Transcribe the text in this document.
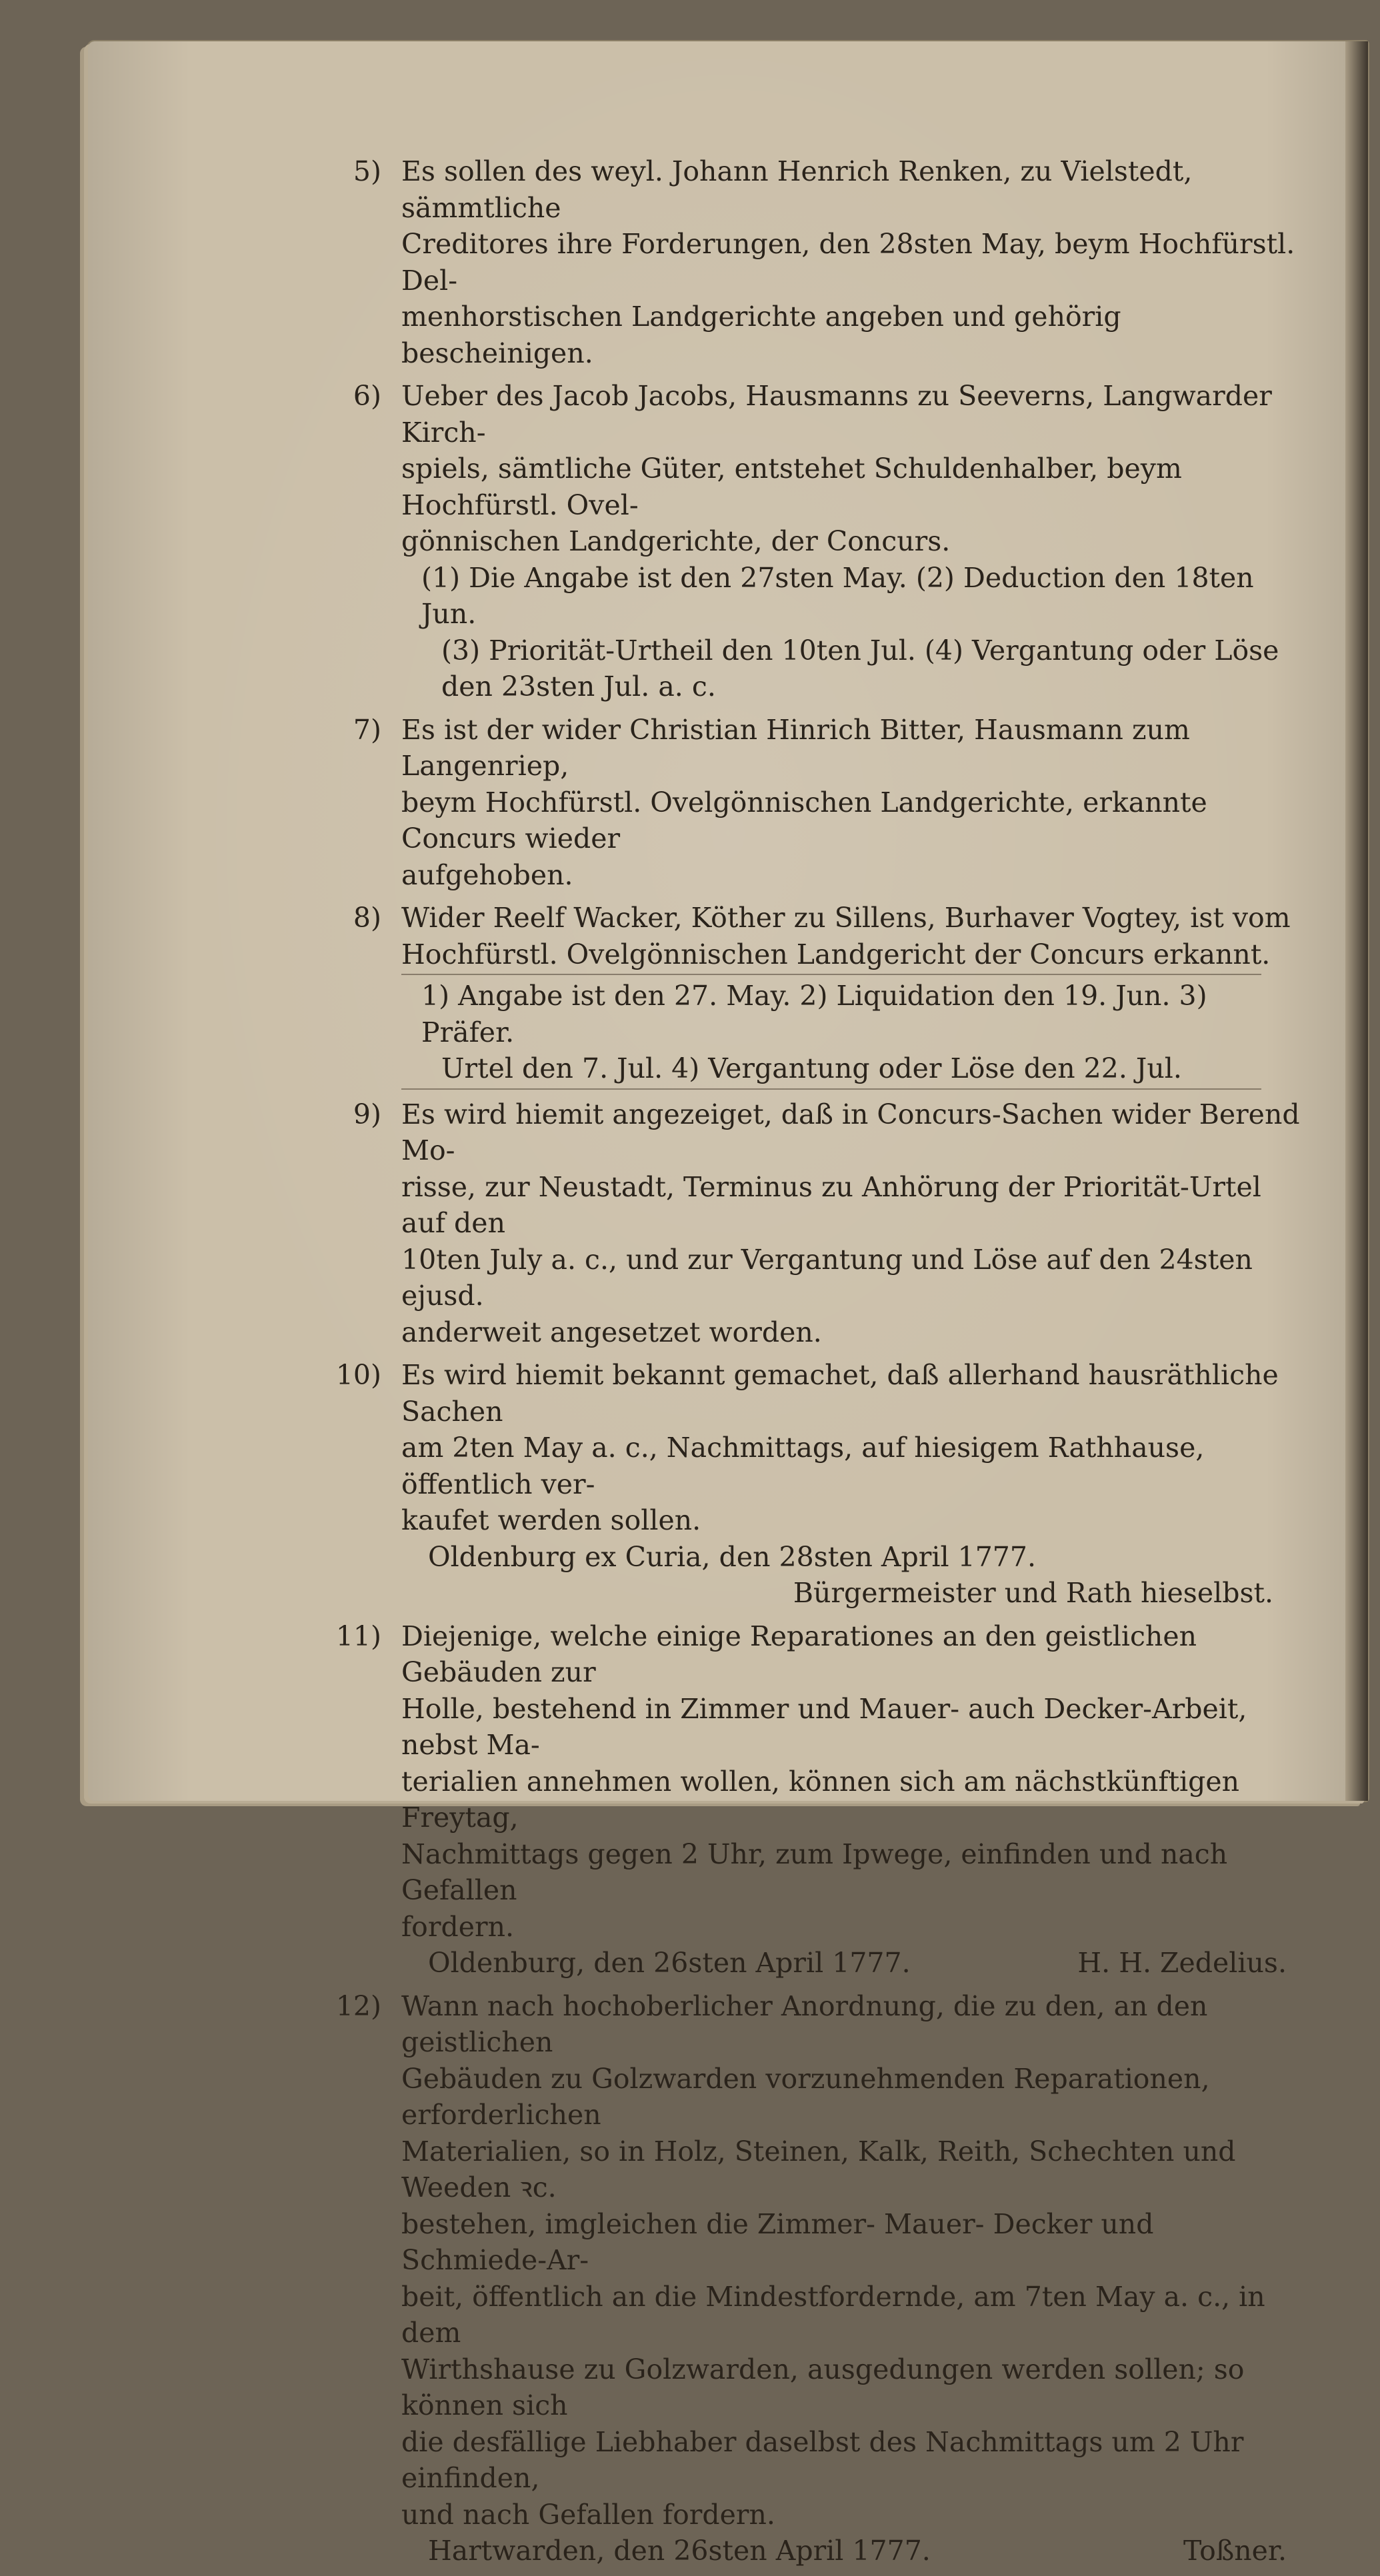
5) Es sollen des weyl. Johann Henrich Renken, zu Vielstedt, sämmtliche

Creditores ihre Forderungen, den 28sten May, beym Hochfürstl. Del-

menhorstischen Landgerichte angeben und gehörig bescheinigen.

6) Ueber des Jacob Jacobs, Hausmanns zu Seeverns, Langwarder Kirch-

spiels, sämtliche Güter, entstehet Schuldenhalber, beym Hochfürstl. Ovel-

gönnischen Landgerichte, der Concurs.

(1) Die Angabe ist den 27sten May. (2) Deduction den 18ten Jun.

(3) Priorität-Urtheil den 10ten Jul. (4) Vergantung oder Löse

den 23sten Jul. a. c.

7) Es ist der wider Christian Hinrich Bitter, Hausmann zum Langenriep,

beym Hochfürstl. Ovelgönnischen Landgerichte, erkannte Concurs wieder

aufgehoben.

8) Wider Reelf Wacker, Köther zu Sillens, Burhaver Vogtey, ist vom

Hochfürstl. Ovelgönnischen Landgericht der Concurs erkannt.

1) Angabe ist den 27. May. 2) Liquidation den 19. Jun. 3) Präfer.

Urtel den 7. Jul. 4) Vergantung oder Löse den 22. Jul.

9) Es wird hiemit angezeiget, daß in Concurs-Sachen wider Berend Mo-

risse, zur Neustadt, Terminus zu Anhörung der Priorität-Urtel auf den

10ten July a. c., und zur Vergantung und Löse auf den 24sten ejusd.

anderweit angesetzet worden.

10) Es wird hiemit bekannt gemachet, daß allerhand hausräthliche Sachen

am 2ten May a. c., Nachmittags, auf hiesigem Rathhause, öffentlich ver-

kaufet werden sollen.

Oldenburg ex Curia, den 28sten April 1777.

Bürgermeister und Rath hieselbst.

11) Diejenige, welche einige Reparationes an den geistlichen Gebäuden zur

Holle, bestehend in Zimmer und Mauer- auch Decker-Arbeit, nebst Ma-

terialien annehmen wollen, können sich am nächstkünftigen Freytag,

Nachmittags gegen 2 Uhr, zum Ipwege, einfinden und nach Gefallen

fordern.

Oldenburg, den 26sten April 1777.	H. H. Zedelius.
12) Wann nach hochoberlicher Anordnung, die zu den, an den geistlichen

Gebäuden zu Golzwarden vorzunehmenden Reparationen, erforderlichen

Materialien, so in Holz, Steinen, Kalk, Reith, Schechten und Weeden ꝛc.

bestehen, imgleichen die Zimmer- Mauer- Decker und Schmiede-Ar-

beit, öffentlich an die Mindestfordernde, am 7ten May a. c., in dem

Wirthshause zu Golzwarden, ausgedungen werden sollen; so können sich

die desfällige Liebhaber daselbst des Nachmittags um 2 Uhr einfinden,

und nach Gefallen fordern.

Hartwarden, den 26sten April 1777.	Toßner.
